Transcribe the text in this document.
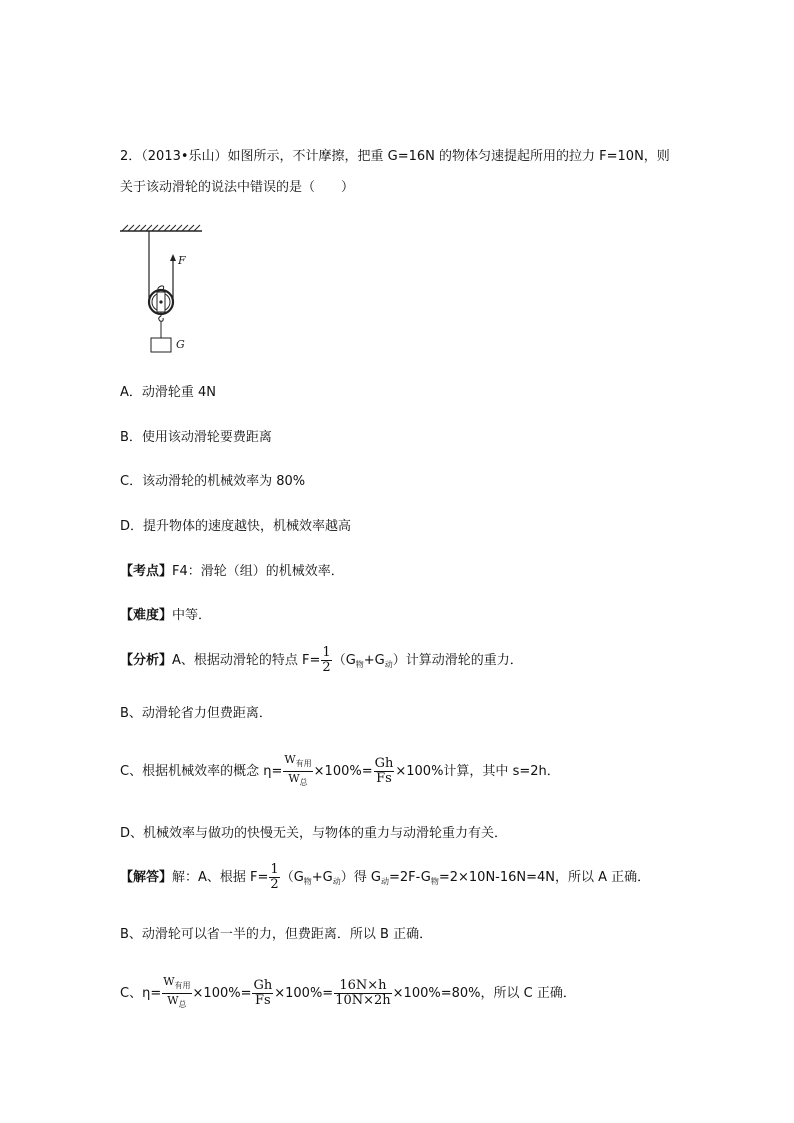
2．（2013•乐山）如图所示，不计摩擦，把重 G=16N 的物体匀速提起所用的拉力 F=10N，则
关于该动滑轮的说法中错误的是（　　）
F
G
A．动滑轮重 4N
B．使用该动滑轮要费距离
C．该动滑轮的机械效率为 80%
D．提升物体的速度越快，机械效率越高
【考点】F4：滑轮（组）的机械效率．
【难度】中等．
【分析】A、根据动滑轮的特点 $F= \frac{1}{2} (G_物+G_动)$计算动滑轮的重力．
B、动滑轮省力但费距离．
C、根据机械效率的概念 $\eta= \frac{W_{有用}}{W_总} \times 100\%= \frac{Gh}{Fs} \times 100\%$计算，其中 s=2h．
D、机械效率与做功的快慢无关，与物体的重力与动滑轮重力有关．
【解答】解：A、根据 $F= \frac{1}{2} (G_物+G_动)$得 $G_动=2F-G_物=2\times 10N-16N=4N$，所以 A 正确．
B、动滑轮可以省一半的力，但费距离．所以 B 正确．
C、$\eta= \frac{W_{有用}}{W_总} \times 100\%= \frac{Gh}{Fs} \times 100\%= \frac{16N\times h}{10N\times 2h} \times 100\%=80\%$，所以 C 正确．
